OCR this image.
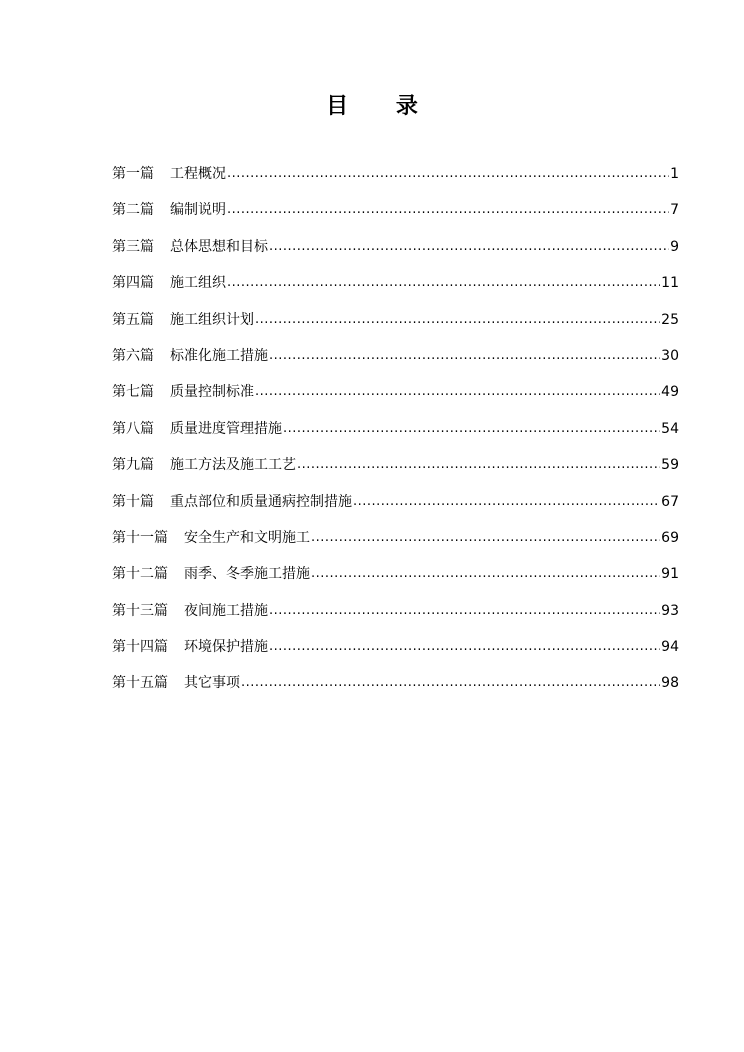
目 录
第一篇 工程概况 .....	1
第二篇 编制说明 .....	7
第三篇 总体思想和目标 .....	9
第四篇 施工组织 .....	11
第五篇 施工组织计划 .....	25
第六篇 标准化施工措施 .....	30
第七篇 质量控制标准 .....	49
第八篇 质量进度管理措施 .....	54
第九篇 施工方法及施工工艺 .....	59
第十篇 重点部位和质量通病控制措施 .....	67
第十一篇 安全生产和文明施工 .....	69
第十二篇 雨季、冬季施工措施 .....	91
第十三篇 夜间施工措施 .....	93
第十四篇 环境保护措施 .....	94
第十五篇 其它事项 .....	98
